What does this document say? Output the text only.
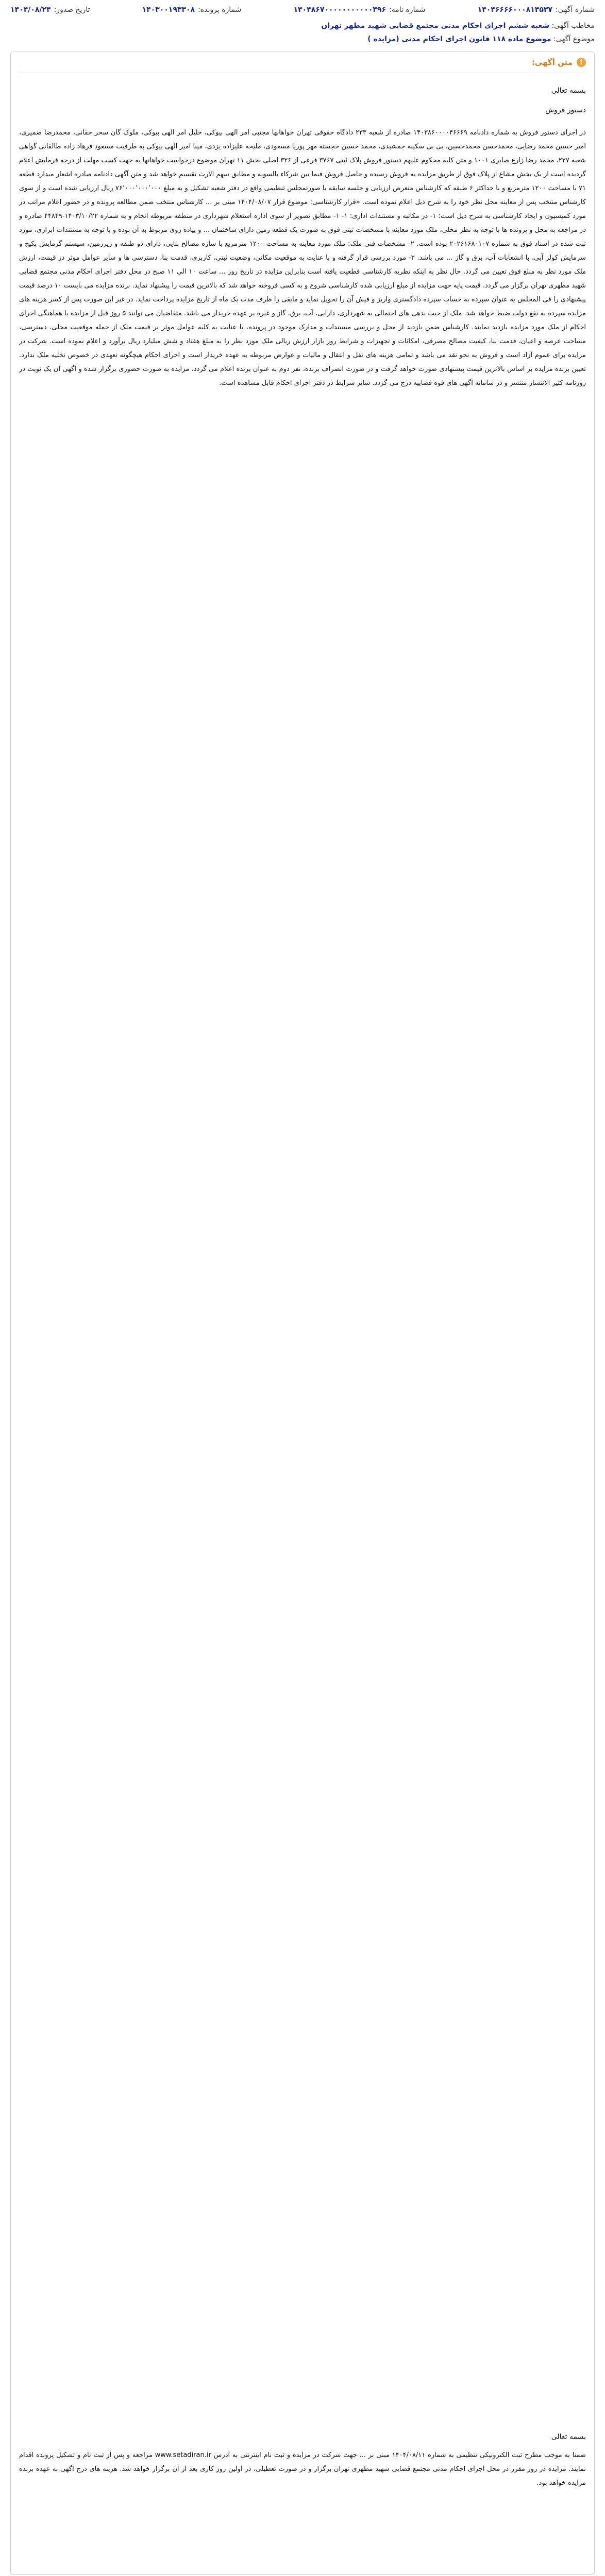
شماره آگهی:
۱۴۰۴۶۶۶۶۰۰۰۸۱۳۵۳۷
شماره نامه:
۱۴۰۴۸۶۷۰۰۰۰۰۰۰۰۰۰۰۳۹۶
شماره پرونده:
۱۴۰۳۰۰۱۹۳۳۰۸
تاریخ صدور:
۱۴۰۴/۰۸/۲۴
مخاطب آگهی: شعبه ششم اجرای احکام مدنی مجتمع قضایی شهید مطهر تهران
موضوع آگهی: موضوع ماده ۱۱۸ قانون اجرای احکام مدنی (مزایده )
!
متن آگهی:

بسمه تعالی

دستور فروش

در اجرای دستور فروش به شماره دادنامه ۱۴۰۳۸۶۰۰۰۰۴۶۶۶۹ صادره از شعبه ۲۳۳ دادگاه حقوقی تهران خواهانها مجتبی امر الهی بیوکی، خلیل امر الهی بیوکی، ملوک گان سحر حقانی، محمدرضا ضمیری، امیر حسین محمد رضایی، محمدحسن محمدحسین، بی بی سکینه جمشیدی، محمد حسین خجسته مهر پوریا مسعودی، ملیحه علیزاده یزدی، مینا امیر الهی بیوکی به طرفیت مسعود فرهاد زاده طالقانی گواهی شعبه ۲۲۷، محمد رضا زارع صابری ۱۰۰۱ و متن کلیه محکوم علیهم دستور فروش پلاک ثبتی ۳۷۶۷ فرعی از ۳۲۶ اصلی بخش ۱۱ تهران موضوع درخواست خواهانها به جهت کسب مهلت از درجه فرمایش اعلام گردیده است از یک بخش مشاع از پلاک فوق از طریق مزایده به فروش رسیده و حاصل فروش فیما بین شرکاء بالسویه و مطابق سهم الارث تقسیم خواهد شد و متن آگهی دادنامه صادره اشعار میدارد قطعه ۷۱ با مساحت ۱۲۰۰ مترمربع و با حداکثر ۶ طبقه که کارشناس متعرض ارزیابی و جلسه سابقه با صورتمجلس تنظیمی واقع در دفتر شعبه تشکیل و به مبلغ ۷۶٬۰۰۰٬۰۰۰٬۰۰۰ ریال ارزیابی شده است و از سوی کارشناس منتخب پس از معاینه محل نظر خود را به شرح ذیل اعلام نموده است. «قرار کارشناسی: موضوع قرار ۱۴۰۴/۰۸/۰۷ مبنی بر ... کارشناس منتخب ضمن مطالعه پرونده و در حضور اعلام مراتب در مورد کمیسیون و ایجاد کارشناسی به شرح ذیل است: ۱- در مکاتبه و مستندات اداری: ۱- ۱- مطابق تصویر از سوی اداره استعلام شهرداری در منطقه مربوطه انجام و به شماره ۱۴۰۳/۱۰/۲۲-۴۴۸۴۹ صادره و در مراجعه به محل و پرونده ها با توجه به نظر محلی، ملک مورد معاینه با مشخصات ثبتی فوق به صورت یک قطعه زمین دارای ساختمان ... و پیاده روی مربوط به آن بوده و با توجه به مستندات ابرازی، مورد ثبت شده در اسناد فوق به شماره ۲۰۲۶۱۶۸۰۱۰۷ بوده است. ۲- مشخصات فنی ملک: ملک مورد معاینه به مساحت ۱۲۰۰ مترمربع با سازه مصالح بنایی، دارای دو طبقه و زیرزمین، سیستم گرمایش پکیج و سرمایش کولر آبی، با انشعابات آب، برق و گاز ... می باشد. ۳- مورد بررسی قرار گرفته و با عنایت به موقعیت مکانی، وضعیت ثبتی، کاربری، قدمت بنا، دسترسی ها و سایر عوامل موثر در قیمت، ارزش ملک مورد نظر به مبلغ فوق تعیین می گردد. حال نظر به اینکه نظریه کارشناسی قطعیت یافته است بنابراین مزایده در تاریخ روز ... ساعت ۱۰ الی ۱۱ صبح در محل دفتر اجرای احکام مدنی مجتمع قضایی شهید مطهری تهران برگزار می گردد. قیمت پایه جهت مزایده از مبلغ ارزیابی شده کارشناسی شروع و به کسی فروخته خواهد شد که بالاترین قیمت را پیشنهاد نماید. برنده مزایده می بایست ۱۰ درصد قیمت پیشنهادی را فی المجلس به عنوان سپرده به حساب سپرده دادگستری واریز و فیش آن را تحویل نماید و مابقی را ظرف مدت یک ماه از تاریخ مزایده پرداخت نماید. در غیر این صورت پس از کسر هزینه های مزایده سپرده به نفع دولت ضبط خواهد شد. ملک از حیث بدهی های احتمالی به شهرداری، دارایی، آب، برق، گاز و غیره بر عهده خریدار می باشد. متقاضیان می توانند ۵ روز قبل از مزایده با هماهنگی اجرای احکام از ملک مورد مزایده بازدید نمایند. کارشناس ضمن بازدید از محل و بررسی مستندات و مدارک موجود در پرونده، با عنایت به کلیه عوامل موثر بر قیمت ملک از جمله موقعیت محلی، دسترسی، مساحت عرصه و اعیان، قدمت بنا، کیفیت مصالح مصرفی، امکانات و تجهیزات و شرایط روز بازار ارزش ریالی ملک مورد نظر را به مبلغ هفتاد و شش میلیارد ریال برآورد و اعلام نموده است. شرکت در مزایده برای عموم آزاد است و فروش به نحو نقد می باشد و تمامی هزینه های نقل و انتقال و مالیات و عوارض مربوطه به عهده خریدار است و اجرای احکام هیچگونه تعهدی در خصوص تخلیه ملک ندارد. تعیین برنده مزایده بر اساس بالاترین قیمت پیشنهادی صورت خواهد گرفت و در صورت انصراف برنده، نفر دوم به عنوان برنده اعلام می گردد. مزایده به صورت حضوری برگزار شده و آگهی آن یک نوبت در روزنامه کثیر الانتشار منتشر و در سامانه آگهی های قوه قضاییه درج می گردد. سایر شرایط در دفتر اجرای احکام قابل مشاهده است.

بسمه تعالی

ضمنا به موجب مطرح ثبت الکترونیکی تنظیمی به شماره ۱۴۰۴/۰۸/۱۱ مبنی بر ... جهت شرکت در مزایده و ثبت نام اینترنتی به آدرس www.setadiran.ir مراجعه و پس از ثبت نام و تشکیل پرونده اقدام نمایند. مزایده در روز مقرر در محل اجرای احکام مدنی مجتمع قضایی شهید مطهری تهران برگزار و در صورت تعطیلی، در اولین روز کاری بعد از آن برگزار خواهد شد. هزینه های درج آگهی به عهده برنده مزایده خواهد بود.
